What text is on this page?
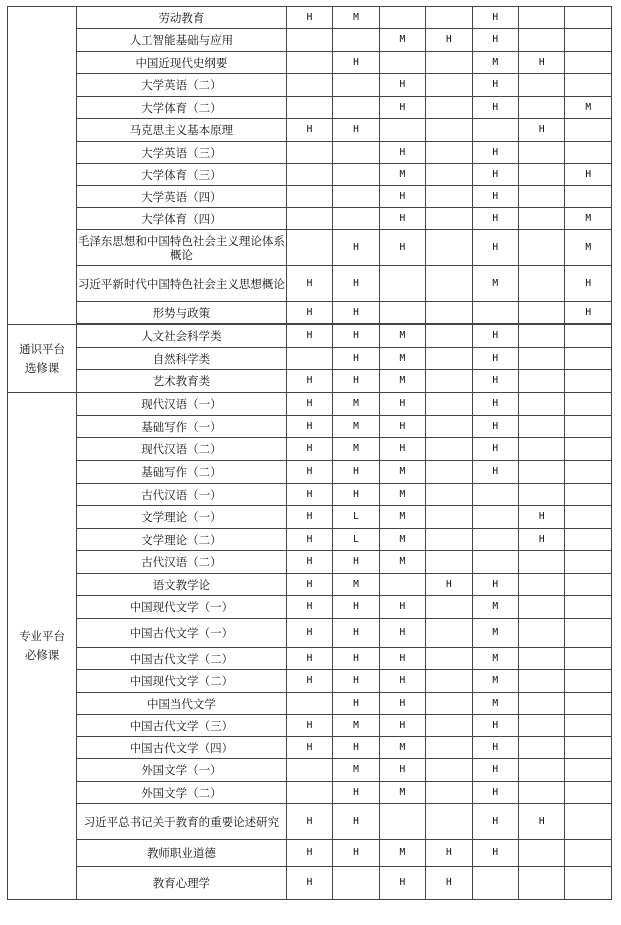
	劳动教育	H	M			H		

	人工智能基础与应用			M	H	H		

	中国近现代史纲要		H			M	H	

	大学英语（二）			H		H		

	大学体育（二）			H		H		M

	马克思主义基本原理	H	H				H	

	大学英语（三）			H		H		

	大学体育（三）			M		H		H

	大学英语（四）			H		H		

	大学体育（四）			H		H		M

	毛泽东思想和中国特色社会主义理论体系概论		H	H		H		M

	习近平新时代中国特色社会主义思想概论	H	H			M		H

	形势与政策	H	H					H

通识平台选修课	人文社会科学类	H	H	M		H		

	自然科学类		H	M		H		

	艺术教育类	H	H	M		H		
专业平台必修课	现代汉语（一）	H	M	H		H		

	基础写作（一）	H	M	H		H		

	现代汉语（二）	H	M	H		H		

	基础写作（二）	H	H	M		H		

	古代汉语（一）	H	H	M				

	文学理论（一）	H	L	M			H	

	文学理论（二）	H	L	M			H	

	古代汉语（二）	H	H	M				

	语文教学论	H	M		H	H		

	中国现代文学（一）	H	H	H		M		

	中国古代文学（一）	H	H	H		M		

	中国古代文学（二）	H	H	H		M		

	中国现代文学（二）	H	H	H		M		

	中国当代文学		H	H		M		

	中国古代文学（三）	H	M	H		H		

	中国古代文学（四）	H	H	M		H		

	外国文学（一）		M	H		H		

	外国文学（二）		H	M		H		

	习近平总书记关于教育的重要论述研究	H	H			H	H	

	教师职业道德	H	H	M	H	H		

	教育心理学	H		H	H			
